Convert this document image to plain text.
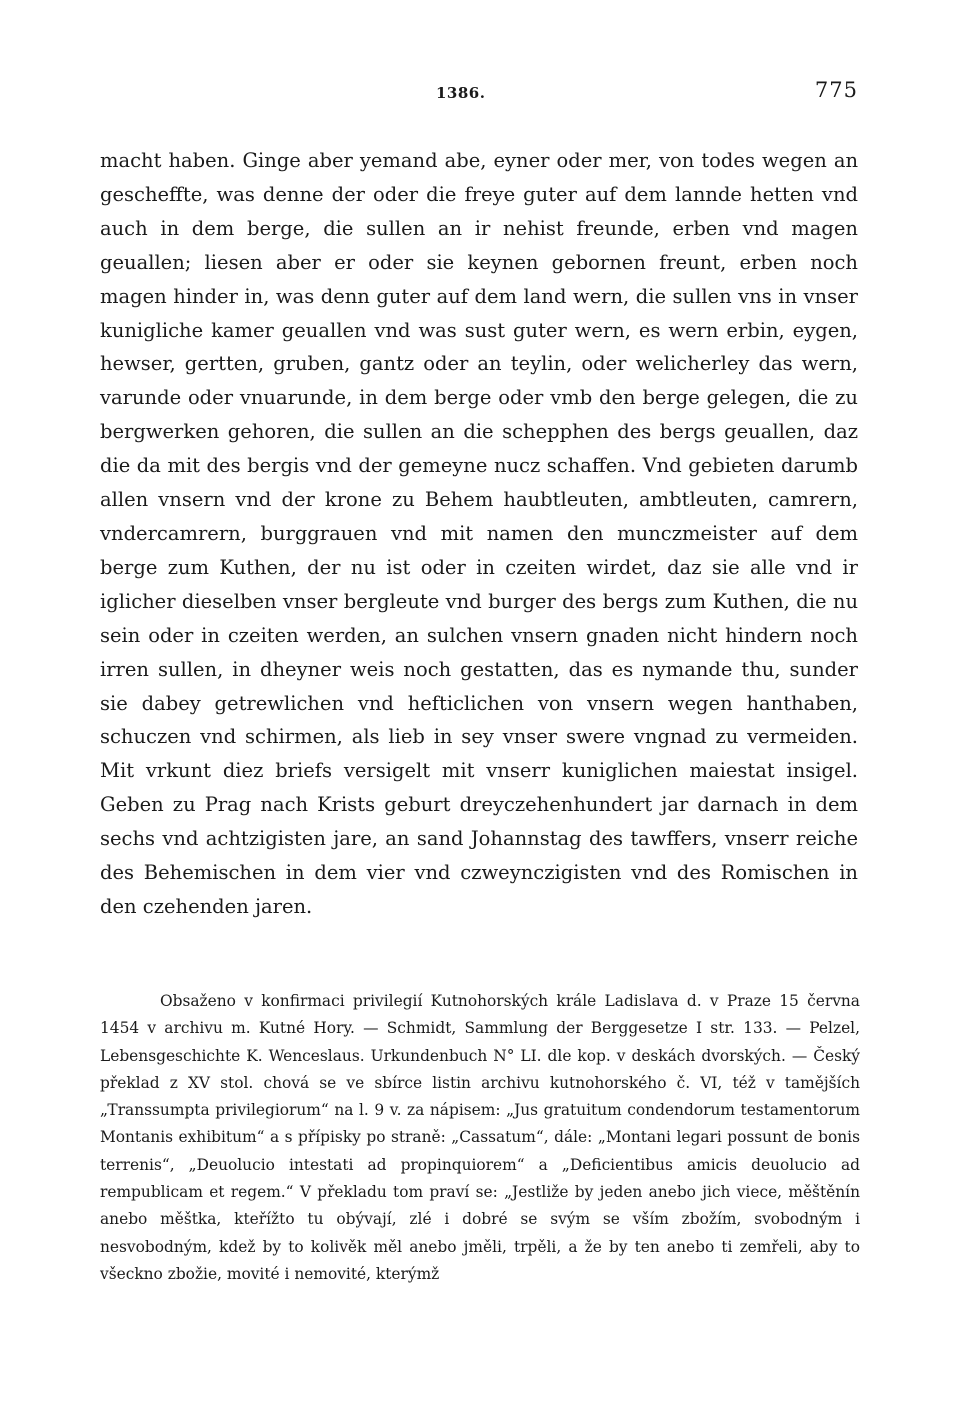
1386.	775

macht haben. Ginge aber yemand abe, eyner oder mer, von todes wegen an gescheffte, was denne der oder die freye guter auf dem lannde hetten vnd auch in dem berge, die sullen an ir nehist freunde, erben vnd magen geuallen; liesen aber er oder sie keynen gebornen freunt, erben noch magen hinder in, was denn guter auf dem land wern, die sullen vns in vnser kunigliche kamer geuallen vnd was sust guter wern, es wern erbin, eygen, hewser, gertten, gruben, gantz oder an teylin, oder welicherley das wern, varunde oder vnuarunde, in dem berge oder vmb den berge gelegen, die zu bergwerken gehoren, die sullen an die schepphen des bergs geuallen, daz die da mit des bergis vnd der gemeyne nucz schaffen. Vnd gebieten darumb allen vnsern vnd der krone zu Behem haubtleuten, ambtleuten, camrern, vndercamrern, burggrauen vnd mit namen den munczmeister auf dem berge zum Kuthen, der nu ist oder in czeiten wirdet, daz sie alle vnd ir iglicher dieselben vnser bergleute vnd burger des bergs zum Kuthen, die nu sein oder in czeiten werden, an sulchen vnsern gnaden nicht hindern noch irren sullen, in dheyner weis noch gestatten, das es nymande thu, sunder sie dabey getrewlichen vnd hefticlichen von vnsern wegen hanthaben, schuczen vnd schirmen, als lieb in sey vnser swere vngnad zu vermeiden. Mit vrkunt diez briefs versigelt mit vnserr kuniglichen maiestat insigel. Geben zu Prag nach Krists geburt dreyczehenhundert jar darnach in dem sechs vnd achtzigisten jare, an sand Johannstag des tawffers, vnserr reiche des Behemischen in dem vier vnd czweynczigisten vnd des Romischen in den czehenden jaren.

Obsaženo v konfirmaci privilegií Kutnohorských krále Ladislava d. v Praze 15 června 1454 v archivu m. Kutné Hory. — Schmidt, Sammlung der Berggesetze I str. 133. — Pelzel, Lebensgeschichte K. Wenceslaus. Urkundenbuch N° LI. dle kop. v deskách dvorských. — Český překlad z XV stol. chová se ve sbírce listin archivu kutnohorského č. VI, též v tamějších „Transsumpta privilegiorum“ na l. 9 v. za nápisem: „Jus gratuitum condendorum testamentorum Montanis exhibitum“ a s přípisky po straně: „Cassatum“, dále: „Montani legari possunt de bonis terrenis“, „Deuolucio intestati ad propinquiorem“ a „Deficientibus amicis deuolucio ad rempublicam et regem.“ V překladu tom praví se: „Jestliže by jeden anebo jich viece, měštěnín anebo měštka, kteřížto tu obývají, zlé i dobré se svým se vším zbožím, svobodným i nesvobodným, kdež by to kolivěk měl anebo jměli, trpěli, a že by ten anebo ti zemřeli, aby to všeckno zbožie, movité i nemovité, kterýmž
